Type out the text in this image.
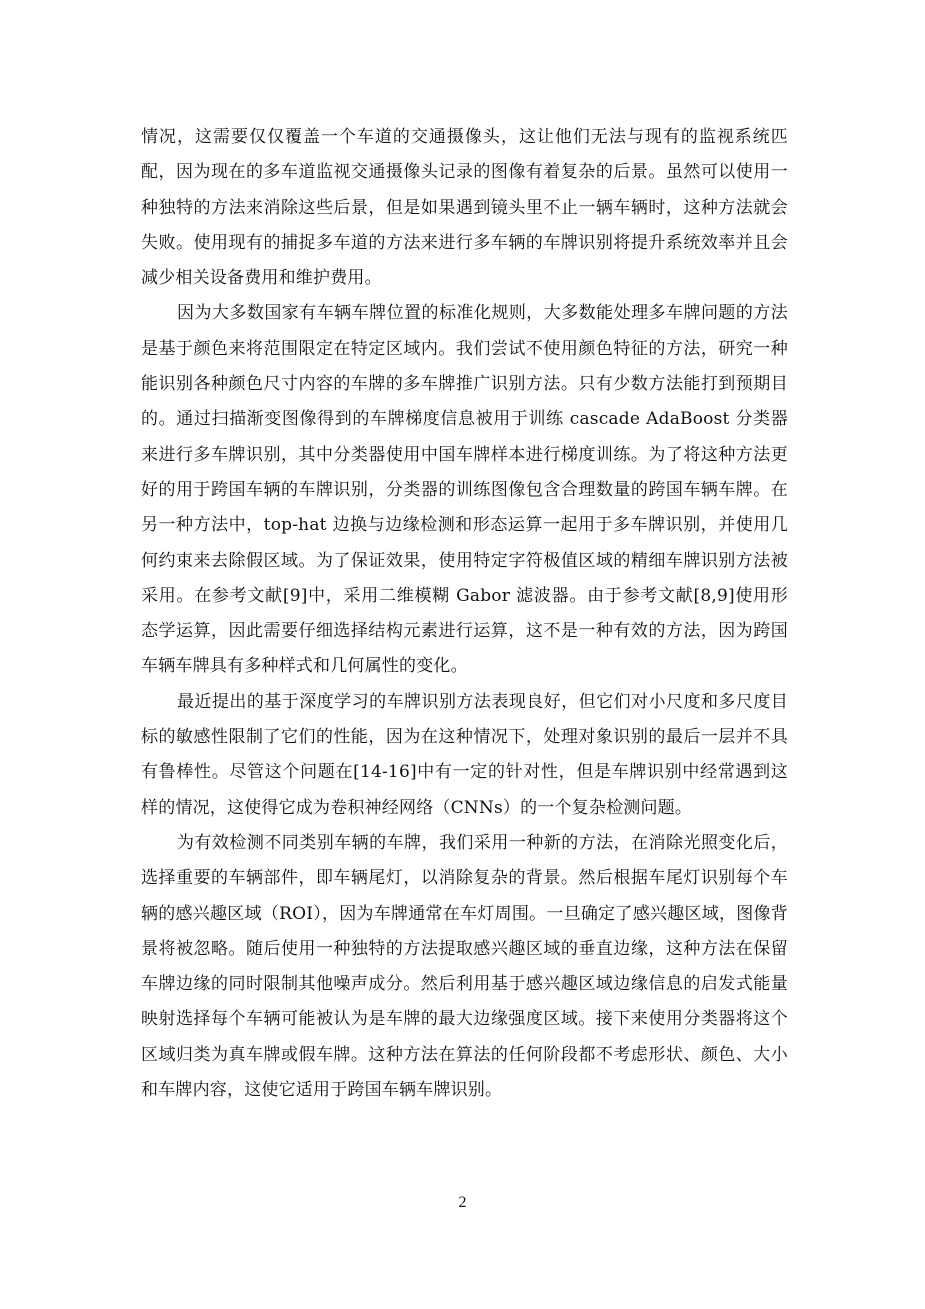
情况，这需要仅仅覆盖一个车道的交通摄像头，这让他们无法与现有的监视系统匹配，因为现在的多车道监视交通摄像头记录的图像有着复杂的后景。虽然可以使用一种独特的方法来消除这些后景，但是如果遇到镜头里不止一辆车辆时，这种方法就会失败。使用现有的捕捉多车道的方法来进行多车辆的车牌识别将提升系统效率并且会减少相关设备费用和维护费用。

因为大多数国家有车辆车牌位置的标准化规则，大多数能处理多车牌问题的方法是基于颜色来将范围限定在特定区域内。我们尝试不使用颜色特征的方法，研究一种能识别各种颜色尺寸内容的车牌的多车牌推广识别方法。只有少数方法能打到预期目的。通过扫描渐变图像得到的车牌梯度信息被用于训练 cascade AdaBoost 分类器来进行多车牌识别，其中分类器使用中国车牌样本进行梯度训练。为了将这种方法更好的用于跨国车辆的车牌识别，分类器的训练图像包含合理数量的跨国车辆车牌。在另一种方法中，top-hat 边换与边缘检测和形态运算一起用于多车牌识别，并使用几何约束来去除假区域。为了保证效果，使用特定字符极值区域的精细车牌识别方法被采用。在参考文献[9]中，采用二维模糊 Gabor 滤波器。由于参考文献[8,9]使用形态学运算，因此需要仔细选择结构元素进行运算，这不是一种有效的方法，因为跨国车辆车牌具有多种样式和几何属性的变化。

最近提出的基于深度学习的车牌识别方法表现良好，但它们对小尺度和多尺度目标的敏感性限制了它们的性能，因为在这种情况下，处理对象识别的最后一层并不具有鲁棒性。尽管这个问题在[14-16]中有一定的针对性，但是车牌识别中经常遇到这样的情况，这使得它成为卷积神经网络（CNNs）的一个复杂检测问题。

为有效检测不同类别车辆的车牌，我们采用一种新的方法，在消除光照变化后，选择重要的车辆部件，即车辆尾灯，以消除复杂的背景。然后根据车尾灯识别每个车辆的感兴趣区域（ROI），因为车牌通常在车灯周围。一旦确定了感兴趣区域，图像背景将被忽略。随后使用一种独特的方法提取感兴趣区域的垂直边缘，这种方法在保留车牌边缘的同时限制其他噪声成分。然后利用基于感兴趣区域边缘信息的启发式能量映射选择每个车辆可能被认为是车牌的最大边缘强度区域。接下来使用分类器将这个区域归类为真车牌或假车牌。这种方法在算法的任何阶段都不考虑形状、颜色、大小和车牌内容，这使它适用于跨国车辆车牌识别。

2
